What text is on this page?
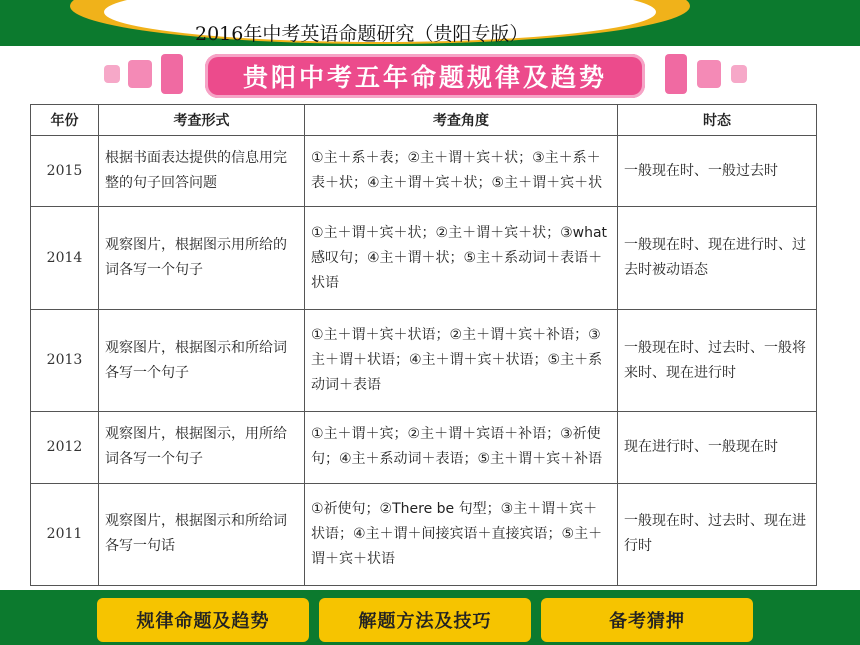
2016年中考英语命题研究（贵阳专版）
贵阳中考五年命题规律及趋势
年份	考查形式	考查角度	时态
2015	根据书面表达提供的信息用完整的句子回答问题	①主＋系＋表；②主＋谓＋宾＋状；③主＋系＋表＋状；④主＋谓＋宾＋状；⑤主＋谓＋宾＋状	一般现在时、一般过去时
2014	观察图片，根据图示用所给的词各写一个句子	①主＋谓＋宾＋状；②主＋谓＋宾＋状；③what 感叹句；④主＋谓＋状；⑤主＋系动词＋表语＋状语	一般现在时、现在进行时、过去时被动语态
2013	观察图片，根据图示和所给词各写一个句子	①主＋谓＋宾＋状语；②主＋谓＋宾＋补语；③主＋谓＋状语；④主＋谓＋宾＋状语；⑤主＋系动词＋表语	一般现在时、过去时、一般将来时、现在进行时
2012	观察图片，根据图示，用所给词各写一个句子	①主＋谓＋宾；②主＋谓＋宾语＋补语；③祈使句；④主＋系动词＋表语；⑤主＋谓＋宾＋补语	现在进行时、一般现在时
2011	观察图片，根据图示和所给词各写一句话	①祈使句；②There be 句型；③主＋谓＋宾＋状语；④主＋谓＋间接宾语＋直接宾语；⑤主＋谓＋宾＋状语	一般现在时、过去时、现在进行时
规律命题及趋势	解题方法及技巧	备考猜押
